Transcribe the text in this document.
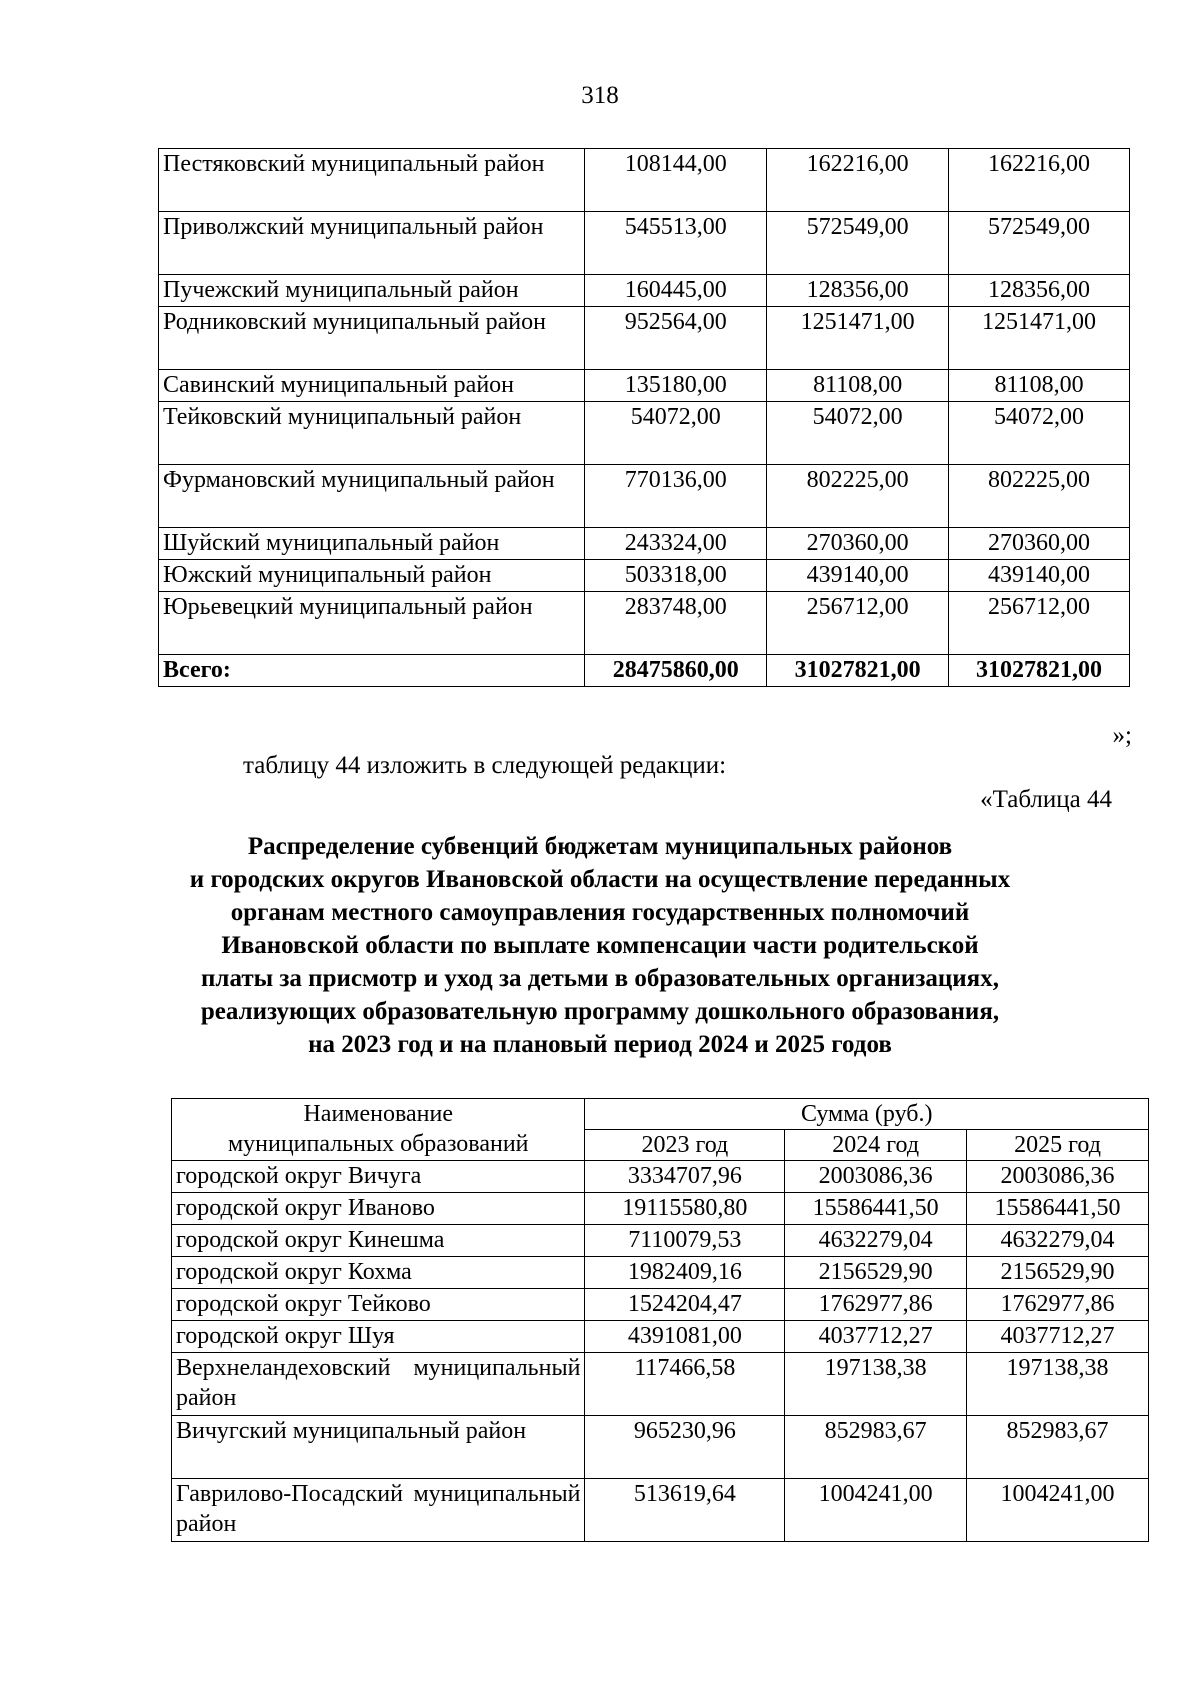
318
Пестяковский муниципальный район	108144,00	162216,00	162216,00
Приволжский муниципальный район	545513,00	572549,00	572549,00
Пучежский муниципальный район	160445,00	128356,00	128356,00
Родниковский муниципальный район	952564,00	1251471,00	1251471,00
Савинский муниципальный район	135180,00	81108,00	81108,00
Тейковский муниципальный район	54072,00	54072,00	54072,00
Фурмановский муниципальный район	770136,00	802225,00	802225,00
Шуйский муниципальный район	243324,00	270360,00	270360,00
Южский муниципальный район	503318,00	439140,00	439140,00
Юрьевецкий муниципальный район	283748,00	256712,00	256712,00
Всего:	28475860,00	31027821,00	31027821,00
»;
таблицу 44 изложить в следующей редакции:
«Таблица 44
Распределение субвенций бюджетам муниципальных районов
и городских округов Ивановской области на осуществление переданных
органам местного самоуправления государственных полномочий
Ивановской области по выплате компенсации части родительской
платы за присмотр и уход за детьми в образовательных организациях,
реализующих образовательную программу дошкольного образования,
на 2023 год и на плановый период 2024 и 2025 годов
Наименование
муниципальных образований	Сумма (руб.)		
	2023 год	2024 год	2025 год
городской округ Вичуга	3334707,96	2003086,36	2003086,36
городской округ Иваново	19115580,80	15586441,50	15586441,50
городской округ Кинешма	7110079,53	4632279,04	4632279,04
городской округ Кохма	1982409,16	2156529,90	2156529,90
городской округ Тейково	1524204,47	1762977,86	1762977,86
городской округ Шуя	4391081,00	4037712,27	4037712,27
Верхнеландеховский муниципальный район	117466,58	197138,38	197138,38
Вичугский муниципальный район	965230,96	852983,67	852983,67
Гаврилово-Посадский муниципальный район	513619,64	1004241,00	1004241,00
